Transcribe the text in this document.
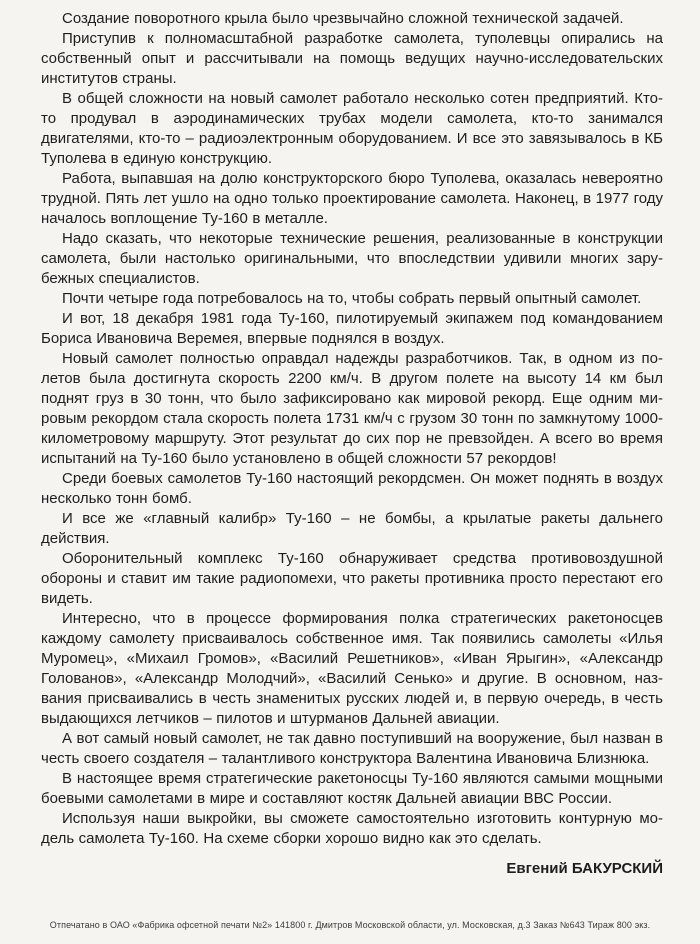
Создание поворотного крыла было чрезвычайно сложной технической задачей.

Приступив к полномасштабной разработке самолета, туполевцы опирались на собственный опыт и рассчитывали на помощь ведущих научно-исследовательских институтов страны.

В общей сложности на новый самолет работало несколько сотен предприятий. Кто-то продувал в аэродинамических трубах модели самолета, кто-то занимался двигателями, кто-то – радиоэлектронным оборудованием. И все это завязывалось в КБ Туполева в единую конструкцию.

Работа, выпавшая на долю конструкторского бюро Туполева, оказалась невероятно трудной. Пять лет ушло на одно только проектирование самолета. Наконец, в 1977 году началось воплощение Ту-160 в металле.

Надо сказать, что некоторые технические решения, реализованные в конструкции самолета, были настолько оригинальными, что впоследствии удивили многих зарубежных специалистов.

Почти четыре года потребовалось на то, чтобы собрать первый опытный самолет.

И вот, 18 декабря 1981 года Ту-160, пилотируемый экипажем под командованием Бориса Ивановича Веремея, впервые поднялся в воздух.

Новый самолет полностью оправдал надежды разработчиков. Так, в одном из полетов была достигнута скорость 2200 км/ч. В другом полете на высоту 14 км был поднят груз в 30 тонн, что было зафиксировано как мировой рекорд. Еще одним мировым рекордом стала скорость полета 1731 км/ч с грузом 30 тонн по замкнутому 1000-километровому маршруту. Этот результат до сих пор не превзойден. А всего во время испытаний на Ту-160 было установлено в общей сложности 57 рекордов!

Среди боевых самолетов Ту-160 настоящий рекордсмен. Он может поднять в воздух несколько тонн бомб.

И все же «главный калибр» Ту-160 – не бомбы, а крылатые ракеты дальнего действия.

Оборонительный комплекс Ту-160 обнаруживает средства противовоздушной обороны и ставит им такие радиопомехи, что ракеты противника просто перестают его видеть.

Интересно, что в процессе формирования полка стратегических ракетоносцев каждому самолету присваивалось собственное имя. Так появились самолеты «Илья Муромец», «Михаил Громов», «Василий Решетников», «Иван Ярыгин», «Александр Голованов», «Александр Молодчий», «Василий Сенько» и другие. В основном, названия присваивались в честь знаменитых русских людей и, в первую очередь, в честь выдающихся летчиков – пилотов и штурманов Дальней авиации.

А вот самый новый самолет, не так давно поступивший на вооружение, был назван в честь своего создателя – талантливого конструктора Валентина Ивановича Близнюка.

В настоящее время стратегические ракетоносцы Ту-160 являются самыми мощными боевыми самолетами в мире и составляют костяк Дальней авиации ВВС России.

Используя наши выкройки, вы сможете самостоятельно изготовить контурную модель самолета Ту-160. На схеме сборки хорошо видно как это сделать.

Евгений БАКУРСКИЙ
Отпечатано в ОАО «Фабрика офсетной печати №2» 141800 г. Дмитров Московской области, ул. Московская, д.3 Заказ №643 Тираж 800 экз.
